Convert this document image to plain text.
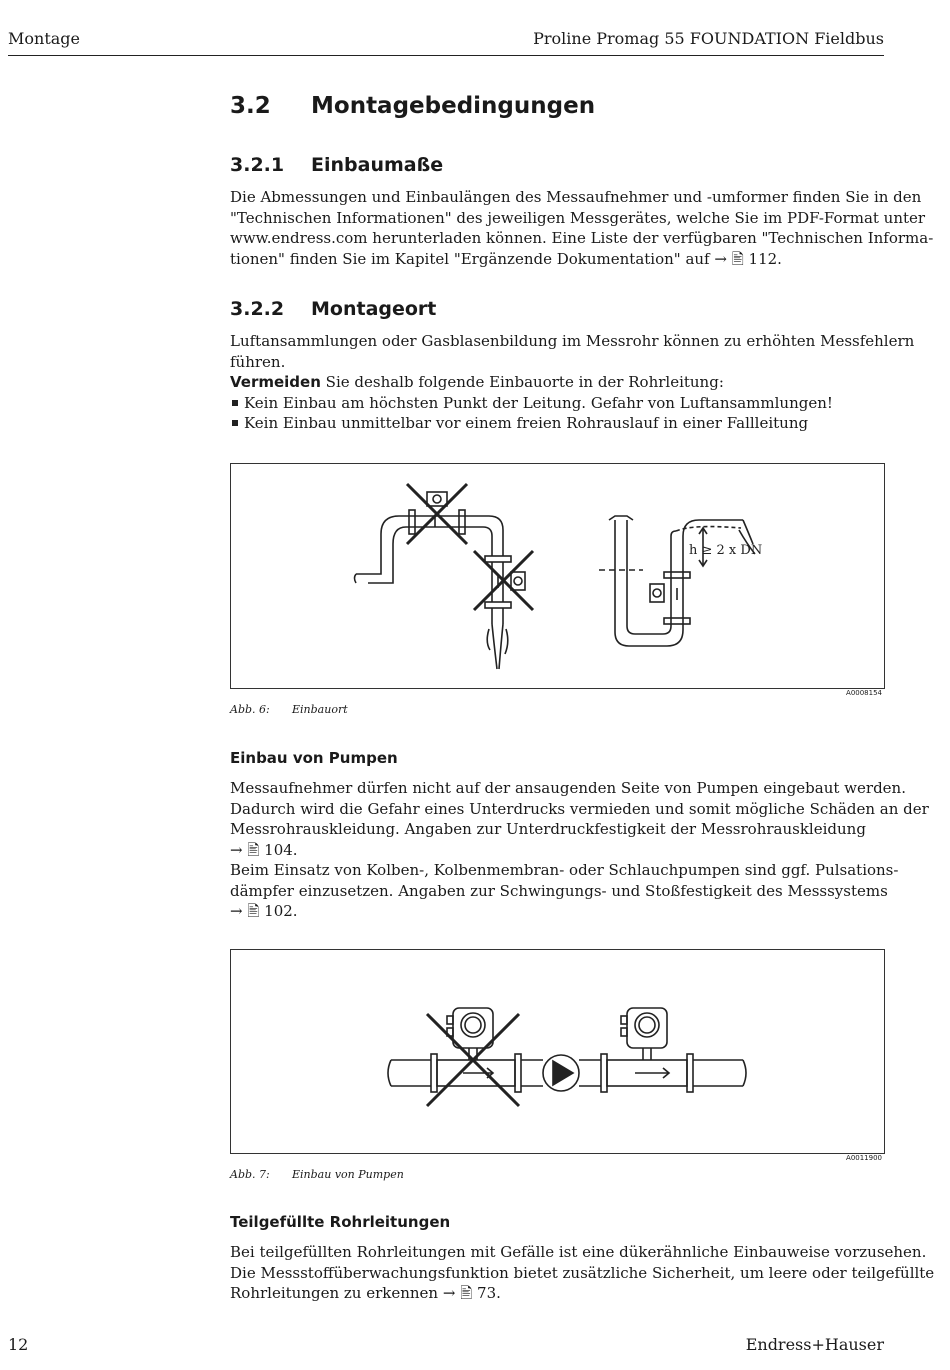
Montage	Proline Promag 55 FOUNDATION Fieldbus
3.2 Montagebedingungen
3.2.1 Einbaumaße
Die Abmessungen und Einbaulängen des Messaufnehmer und -umformer finden Sie in den
"Technischen Informationen" des jeweiligen Messgerätes, welche Sie im PDF-Format unter
www.endress.com herunterladen können. Eine Liste der verfügbaren "Technischen Informa-
tionen" finden Sie im Kapitel "Ergänzende Dokumentation" auf → 🖹 112.
3.2.2 Montageort
Luftansammlungen oder Gasblasenbildung im Messrohr können zu erhöhten Messfehlern
führen.
Vermeiden Sie deshalb folgende Einbauorte in der Rohrleitung:
Kein Einbau am höchsten Punkt der Leitung. Gefahr von Luftansammlungen!
Kein Einbau unmittelbar vor einem freien Rohrauslauf in einer Fallleitung
h ≥ 2 x DN
A0008154
Abb. 6: Einbauort
Einbau von Pumpen
Messaufnehmer dürfen nicht auf der ansaugenden Seite von Pumpen eingebaut werden.
Dadurch wird die Gefahr eines Unterdrucks vermieden und somit mögliche Schäden an der
Messrohrauskleidung. Angaben zur Unterdruckfestigkeit der Messrohrauskleidung
→ 🖹 104.
Beim Einsatz von Kolben-, Kolbenmembran- oder Schlauchpumpen sind ggf. Pulsations-
dämpfer einzusetzen. Angaben zur Schwingungs- und Stoßfestigkeit des Messsystems
→ 🖹 102.
A0011900
Abb. 7: Einbau von Pumpen
Teilgefüllte Rohrleitungen
Bei teilgefüllten Rohrleitungen mit Gefälle ist eine dükerähnliche Einbauweise vorzusehen.
Die Messstoffüberwachungsfunktion bietet zusätzliche Sicherheit, um leere oder teilgefüllte
Rohrleitungen zu erkennen → 🖹 73.
12	Endress+Hauser
